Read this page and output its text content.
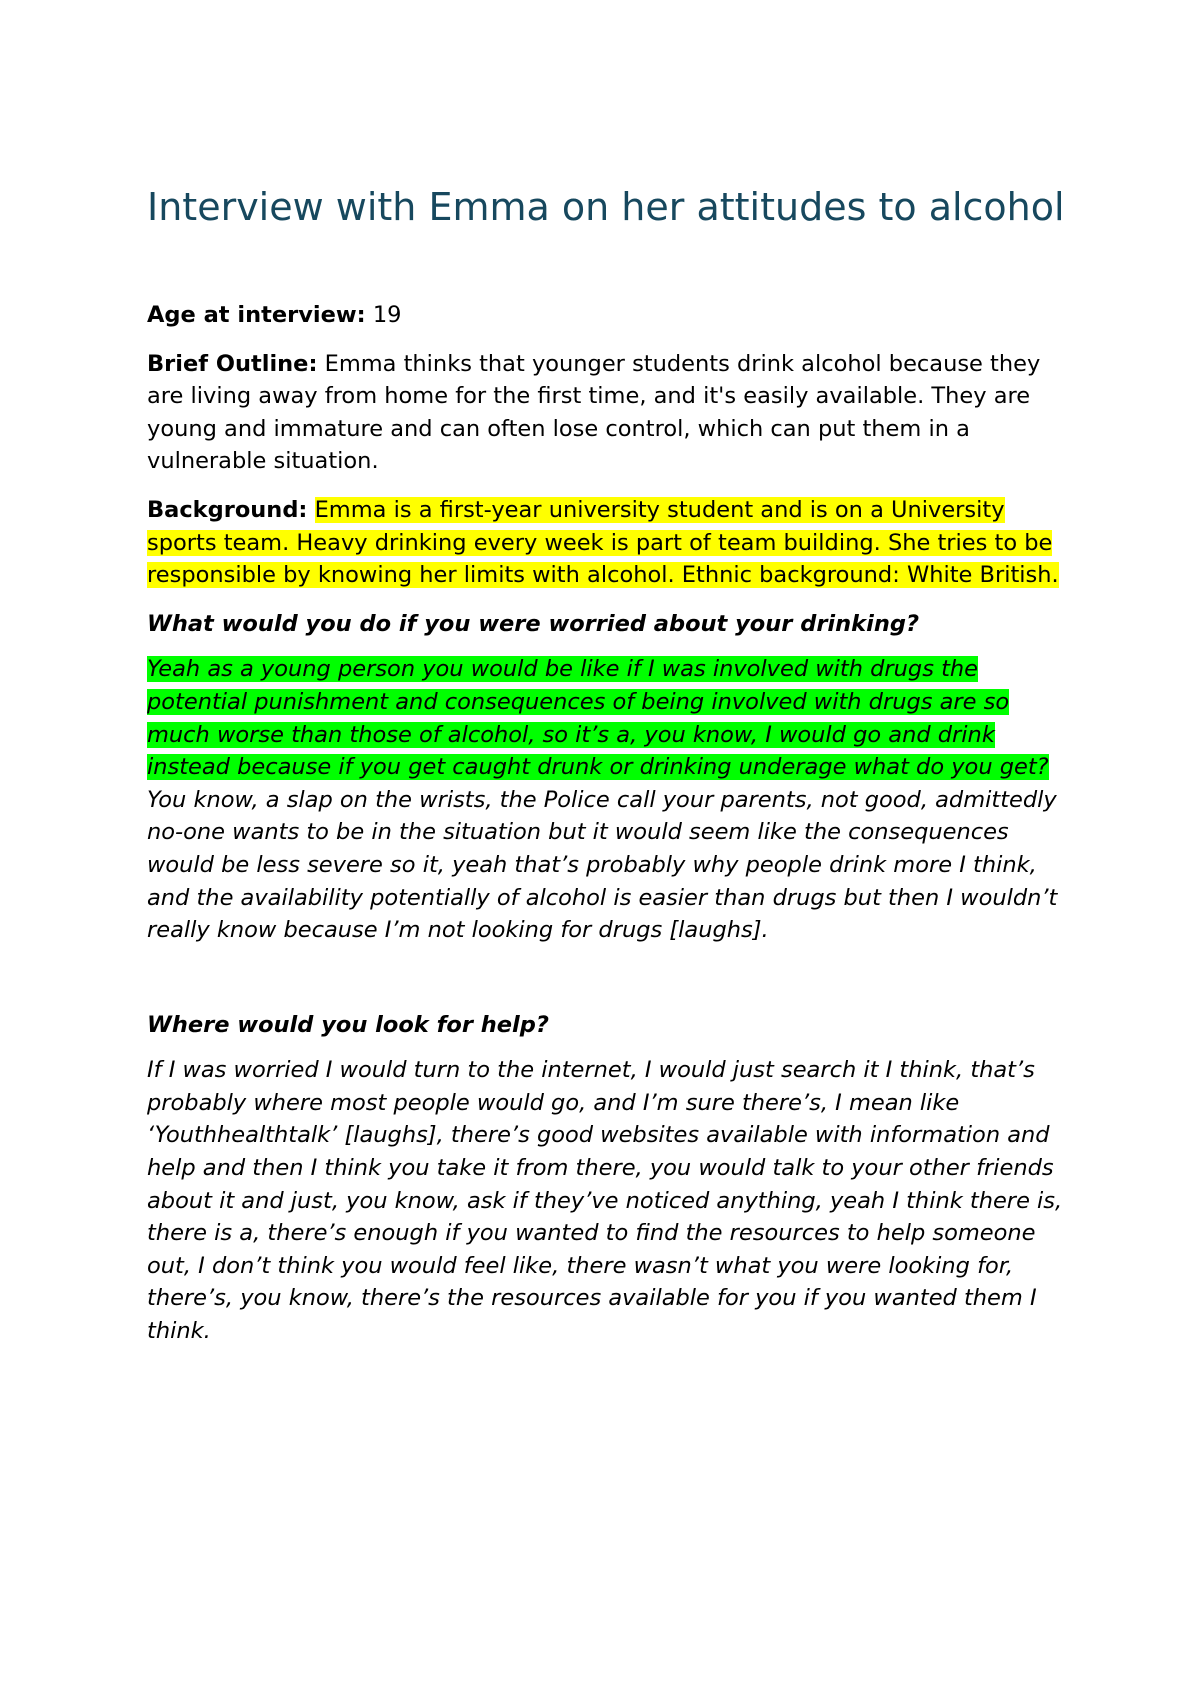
Interview with Emma on her attitudes to alcohol

Age at interview: 19

Brief Outline: Emma thinks that younger students drink alcohol because they are living away from home for the first time, and it's easily available. They are young and immature and can often lose control, which can put them in a vulnerable situation.

Background: Emma is a first-year university student and is on a University sports team. Heavy drinking every week is part of team building. She tries to be responsible by knowing her limits with alcohol. Ethnic background: White British.

What would you do if you were worried about your drinking?

Yeah as a young person you would be like if I was involved with drugs the potential punishment and consequences of being involved with drugs are so much worse than those of alcohol, so it’s a, you know, I would go and drink instead because if you get caught drunk or drinking underage what do you get? You know, a slap on the wrists, the Police call your parents, not good, admittedly no-one wants to be in the situation but it would seem like the consequences would be less severe so it, yeah that’s probably why people drink more I think, and the availability potentially of alcohol is easier than drugs but then I wouldn’t really know because I’m not looking for drugs [laughs].

Where would you look for help?

If I was worried I would turn to the internet, I would just search it I think, that’s probably where most people would go, and I’m sure there’s, I mean like ‘Youthhealthtalk’ [laughs], there’s good websites available with information and help and then I think you take it from there, you would talk to your other friends about it and just, you know, ask if they’ve noticed anything, yeah I think there is, there is a, there’s enough if you wanted to find the resources to help someone out, I don’t think you would feel like, there wasn’t what you were looking for, there’s, you know, there’s the resources available for you if you wanted them I think.
